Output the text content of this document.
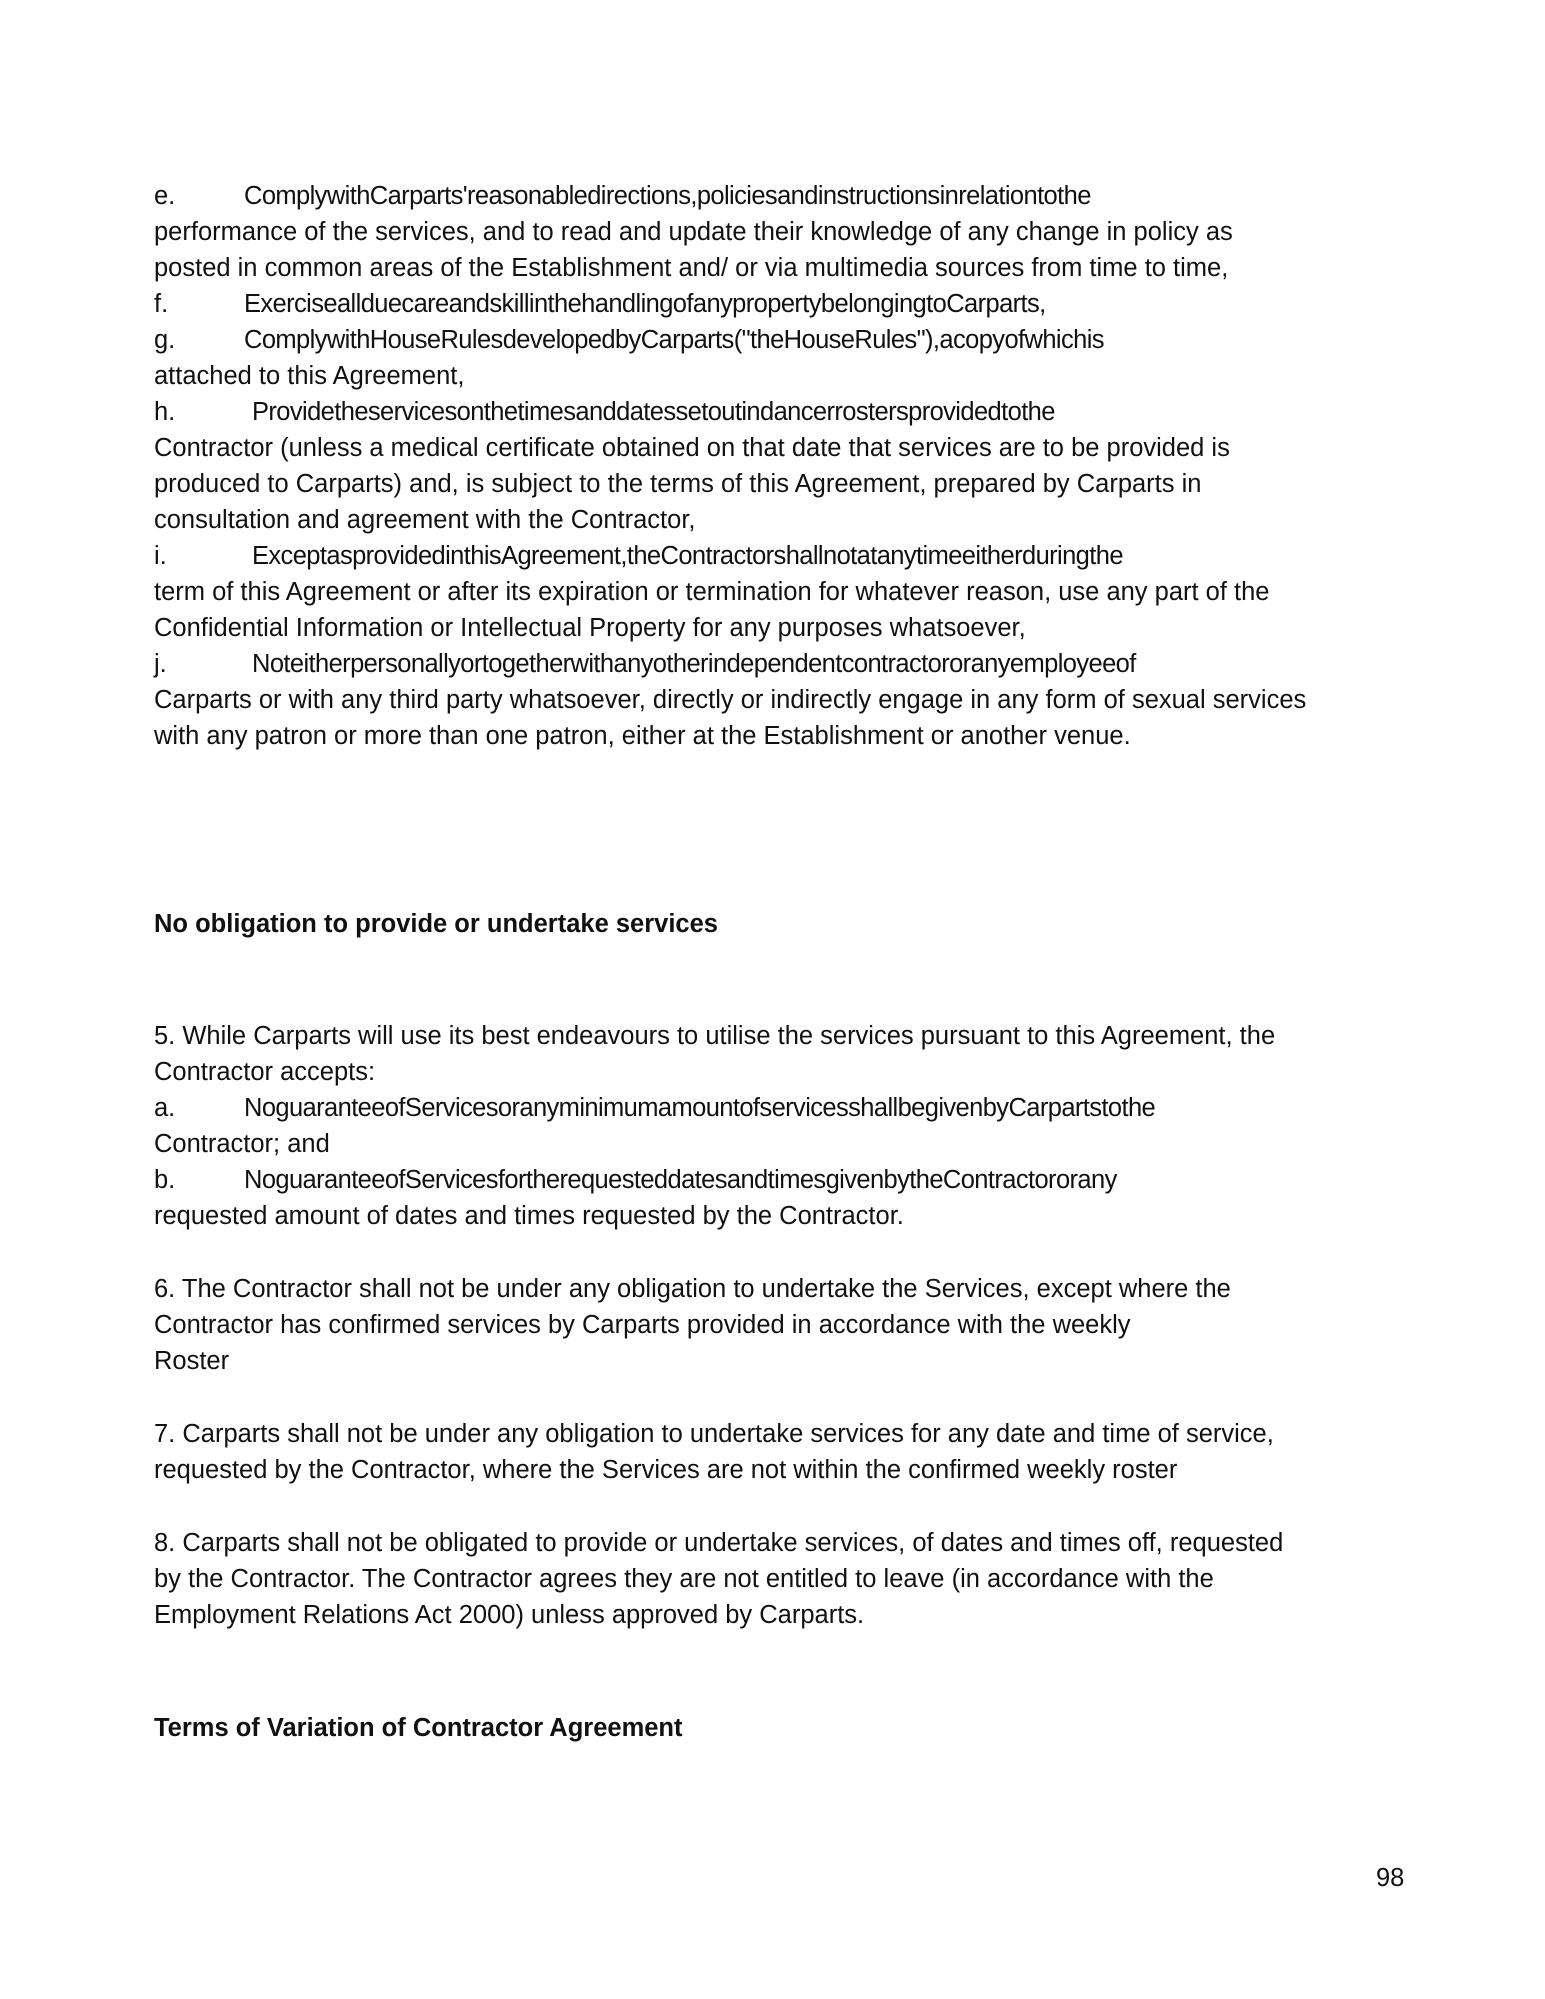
e.	ComplywithCarparts'reasonabledirections,policiesandinstructionsinrelationtothe
performance of the services, and to read and update their knowledge of any change in policy as
posted in common areas of the Establishment and/ or via multimedia sources from time to time,
f.	ExerciseallduecareandskillinthehandlingofanypropertybelongingtoCarparts,
g.	ComplywithHouseRulesdevelopedbyCarparts("theHouseRules"),acopyofwhichis
attached to this Agreement,
h.	Providetheservicesonthetimesanddatessetoutindancerrostersprovidedtothe
Contractor (unless a medical certificate obtained on that date that services are to be provided is
produced to Carparts) and, is subject to the terms of this Agreement, prepared by Carparts in
consultation and agreement with the Contractor,
i.	ExceptasprovidedinthisAgreement,theContractorshallnotatanytimeeitherduringthe
term of this Agreement or after its expiration or termination for whatever reason, use any part of the
Confidential Information or Intellectual Property for any purposes whatsoever,
j.	Noteitherpersonallyortogetherwithanyotherindependentcontractororanyemployeeof
Carparts or with any third party whatsoever, directly or indirectly engage in any form of sexual services
with any patron or more than one patron, either at the Establishment or another venue.
No obligation to provide or undertake services
5. While Carparts will use its best endeavours to utilise the services pursuant to this Agreement, the
Contractor accepts:
a.	NoguaranteeofServicesoranyminimumamountofservicesshallbegivenbyCarpartstothe
Contractor; and
b.	NoguaranteeofServicesfortherequesteddatesandtimesgivenbytheContractororany
requested amount of dates and times requested by the Contractor.
6. The Contractor shall not be under any obligation to undertake the Services, except where the
Contractor has confirmed services by Carparts provided in accordance with the weekly
Roster
7. Carparts shall not be under any obligation to undertake services for any date and time of service,
requested by the Contractor, where the Services are not within the confirmed weekly roster
8. Carparts shall not be obligated to provide or undertake services, of dates and times off, requested
by the Contractor. The Contractor agrees they are not entitled to leave (in accordance with the
Employment Relations Act 2000) unless approved by Carparts.
Terms of Variation of Contractor Agreement
98
